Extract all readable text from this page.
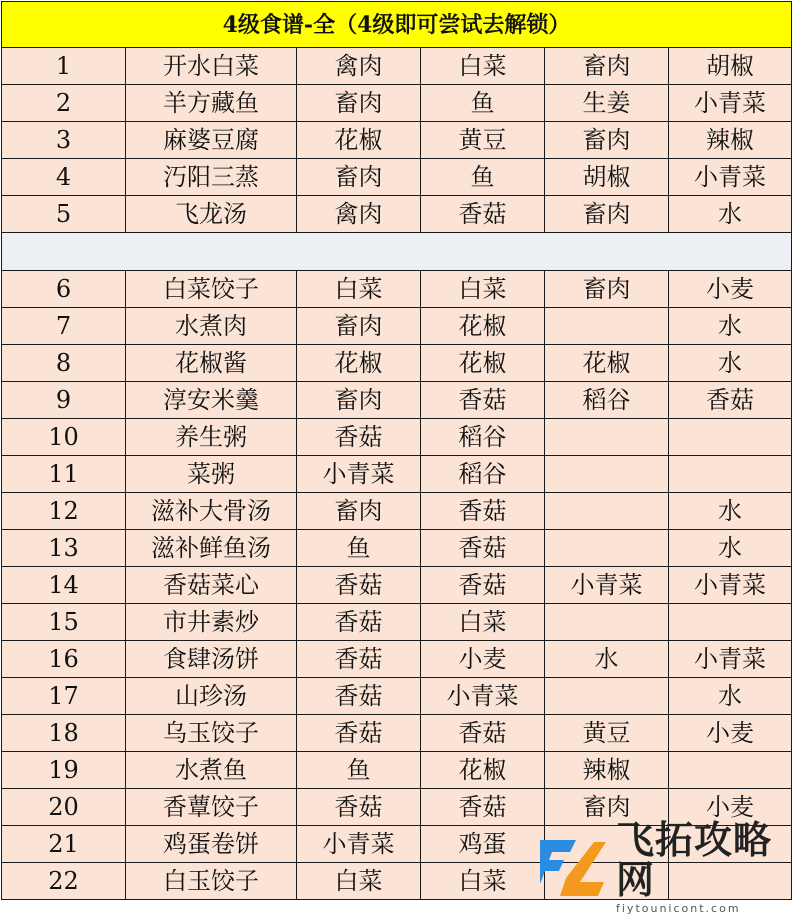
4级食谱-全（4级即可尝试去解锁）					
1	开水白菜	禽肉	白菜	畜肉	胡椒
2	羊方藏鱼	畜肉	鱼	生姜	小青菜
3	麻婆豆腐	花椒	黄豆	畜肉	辣椒
4	汅阳三蒸	畜肉	鱼	胡椒	小青菜
5	飞龙汤	禽肉	香菇	畜肉	水

6	白菜饺子	白菜	白菜	畜肉	小麦
7	水煮肉	畜肉	花椒		水
8	花椒酱	花椒	花椒	花椒	水
9	淳安米羹	畜肉	香菇	稻谷	香菇
10	养生粥	香菇	稻谷		
11	菜粥	小青菜	稻谷		
12	滋补大骨汤	畜肉	香菇		水
13	滋补鲜鱼汤	鱼	香菇		水
14	香菇菜心	香菇	香菇	小青菜	小青菜
15	市井素炒	香菇	白菜		
16	食肆汤饼	香菇	小麦	水	小青菜
17	山珍汤	香菇	小青菜		水
18	乌玉饺子	香菇	香菇	黄豆	小麦
19	水煮鱼	鱼	花椒	辣椒	
20	香蕈饺子	香菇	香菇	畜肉	小麦
21	鸡蛋卷饼	小青菜	鸡蛋		
22	白玉饺子	白菜	白菜		
飞拓攻略网
fiytounicont.com
